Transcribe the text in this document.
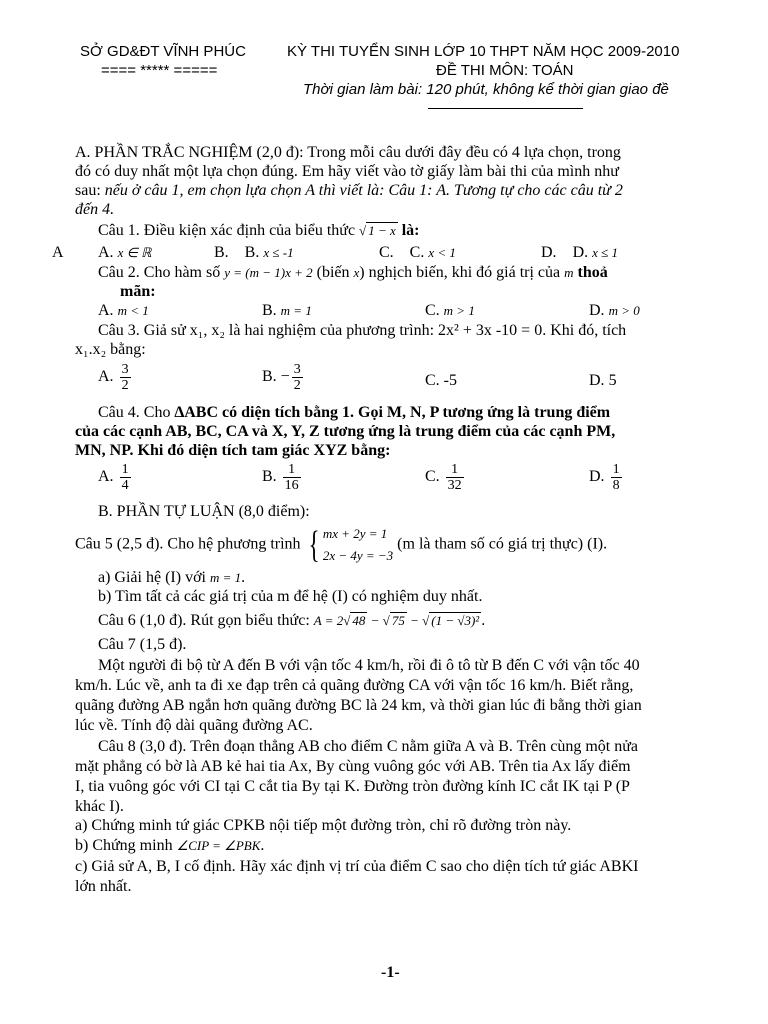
SỞ GD&ĐT VĨNH PHÚC
==== ***** =====
KỲ THI TUYỂN SINH LỚP 10 THPT NĂM HỌC 2009-2010
ĐỀ THI MÔN: TOÁN
Thời gian làm bài: 120 phút, không kể thời gian giao đề
A. PHẦN TRẮC NGHIỆM (2,0 đ): Trong mỗi câu dưới đây đều có 4 lựa chọn, trong
đó có duy nhất một lựa chọn đúng. Em hãy viết vào tờ giấy làm bài thi của mình như
sau: nếu ở câu 1, em chọn lựa chọn A thì viết là: Câu 1: A. Tương tự cho các câu từ 2
đến 4.
Câu 1. Điều kiện xác định của biểu thức √ 1 − x là:
A A. x ∈ ℝ	B. B. x ≤ -1	C. C. x < 1	D. D. x ≤ 1
Câu 2. Cho hàm số y = (m − 1)x + 2 (biến x) nghịch biến, khi đó giá trị của m thoả
mãn:
A. m < 1	B. m = 1	C. m > 1	D. m > 0
Câu 3. Giả sử x₁, x₂ là hai nghiệm của phương trình: 2x² + 3x -10 = 0. Khi đó, tích
x₁.x₂ bằng:
A. $\frac{3}{2}$	B. − $\frac{3}{2}$	C. -5	D. 5
Câu 4. Cho ∆ABC có diện tích bằng 1. Gọi M, N, P tương ứng là trung điểm
của các cạnh AB, BC, CA và X, Y, Z tương ứng là trung điểm của các cạnh PM,
MN, NP. Khi đó diện tích tam giác XYZ bằng:
A. $\frac{1}{4}$	B. $\frac{1}{16}$	C. $\frac{1}{32}$	D. $\frac{1}{8}$
B. PHẦN TỰ LUẬN (8,0 điểm):
Câu 5 (2,5 đ). Cho hệ phương trình { mx + 2y = 1
2x − 4y = −3
(m là tham số có giá trị thực) (I).
a) Giải hệ (I) với m = 1.
b) Tìm tất cả các giá trị của m để hệ (I) có nghiệm duy nhất.
Câu 6 (1,0 đ). Rút gọn biểu thức: A = 2√ 48 − √ 75 − √ (1 − √3)² .
Câu 7 (1,5 đ).
Một người đi bộ từ A đến B với vận tốc 4 km/h, rồi đi ô tô từ B đến C với vận tốc 40
km/h. Lúc về, anh ta đi xe đạp trên cả quãng đường CA với vận tốc 16 km/h. Biết rằng,
quãng đường AB ngắn hơn quãng đường BC là 24 km, và thời gian lúc đi bằng thời gian
lúc về. Tính độ dài quãng đường AC.
Câu 8 (3,0 đ). Trên đoạn thẳng AB cho điểm C nằm giữa A và B. Trên cùng một nửa
mặt phẳng có bờ là AB kẻ hai tia Ax, By cùng vuông góc với AB. Trên tia Ax lấy điểm
I, tia vuông góc với CI tại C cắt tia By tại K. Đường tròn đường kính IC cắt IK tại P (P
khác I).
a) Chứng minh tứ giác CPKB nội tiếp một đường tròn, chỉ rõ đường tròn này.
b) Chứng minh ∠CIP = ∠PBK.
c) Giả sử A, B, I cố định. Hãy xác định vị trí của điểm C sao cho diện tích tứ giác ABKI
lớn nhất.
-1-
